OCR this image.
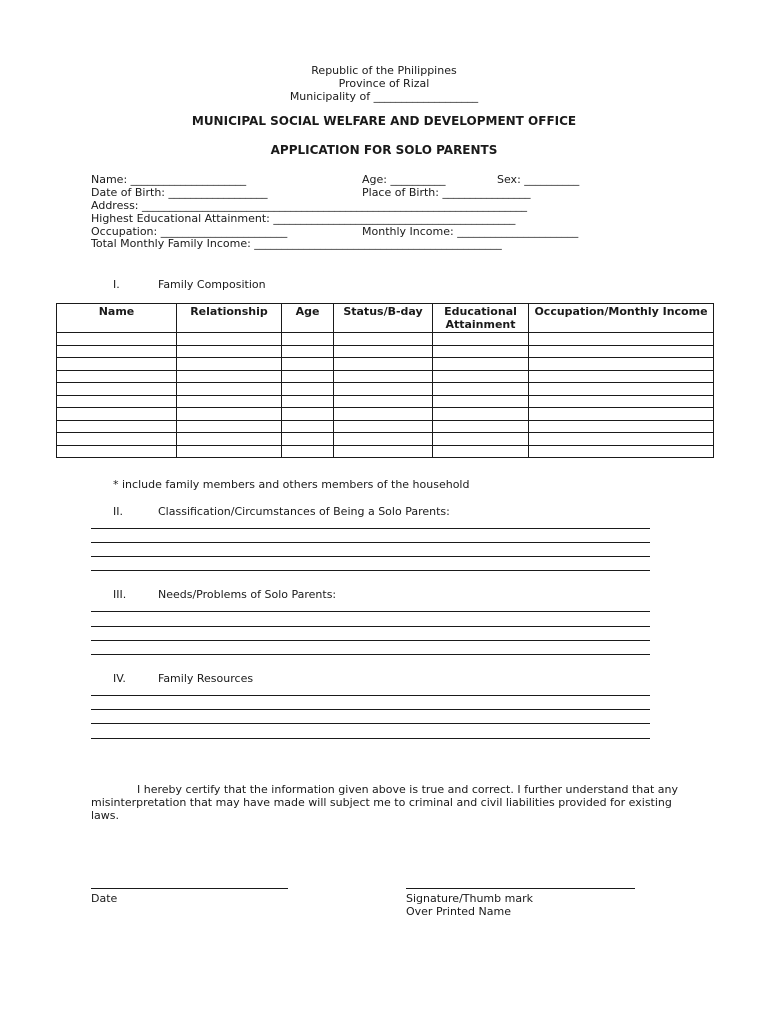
Republic of the Philippines
Province of Rizal
Municipality of ___________________
MUNICIPAL SOCIAL WELFARE AND DEVELOPMENT OFFICE
APPLICATION FOR SOLO PARENTS
Name: _____________________	Age: __________	Sex: __________
Date of Birth: __________________	Place of Birth: ________________
Address: ______________________________________________________________________
Highest Educational Attainment: ____________________________________________
Occupation: _______________________	Monthly Income: ______________________
Total Monthly Family Income: _____________________________________________
I.	Family Composition
Name	Relationship	Age	Status/B-day	Educational Attainment	Occupation/Monthly Income

* include family members and others members of the household
II.	Classification/Circumstances of Being a Solo Parents:
III.	Needs/Problems of Solo Parents:
IV.	Family Resources
I hereby certify that the information given above is true and correct. I further understand that any misinterpretation that may have made will subject me to criminal and civil liabilities provided for existing laws.
Date	Signature/Thumb mark
Over Printed Name
